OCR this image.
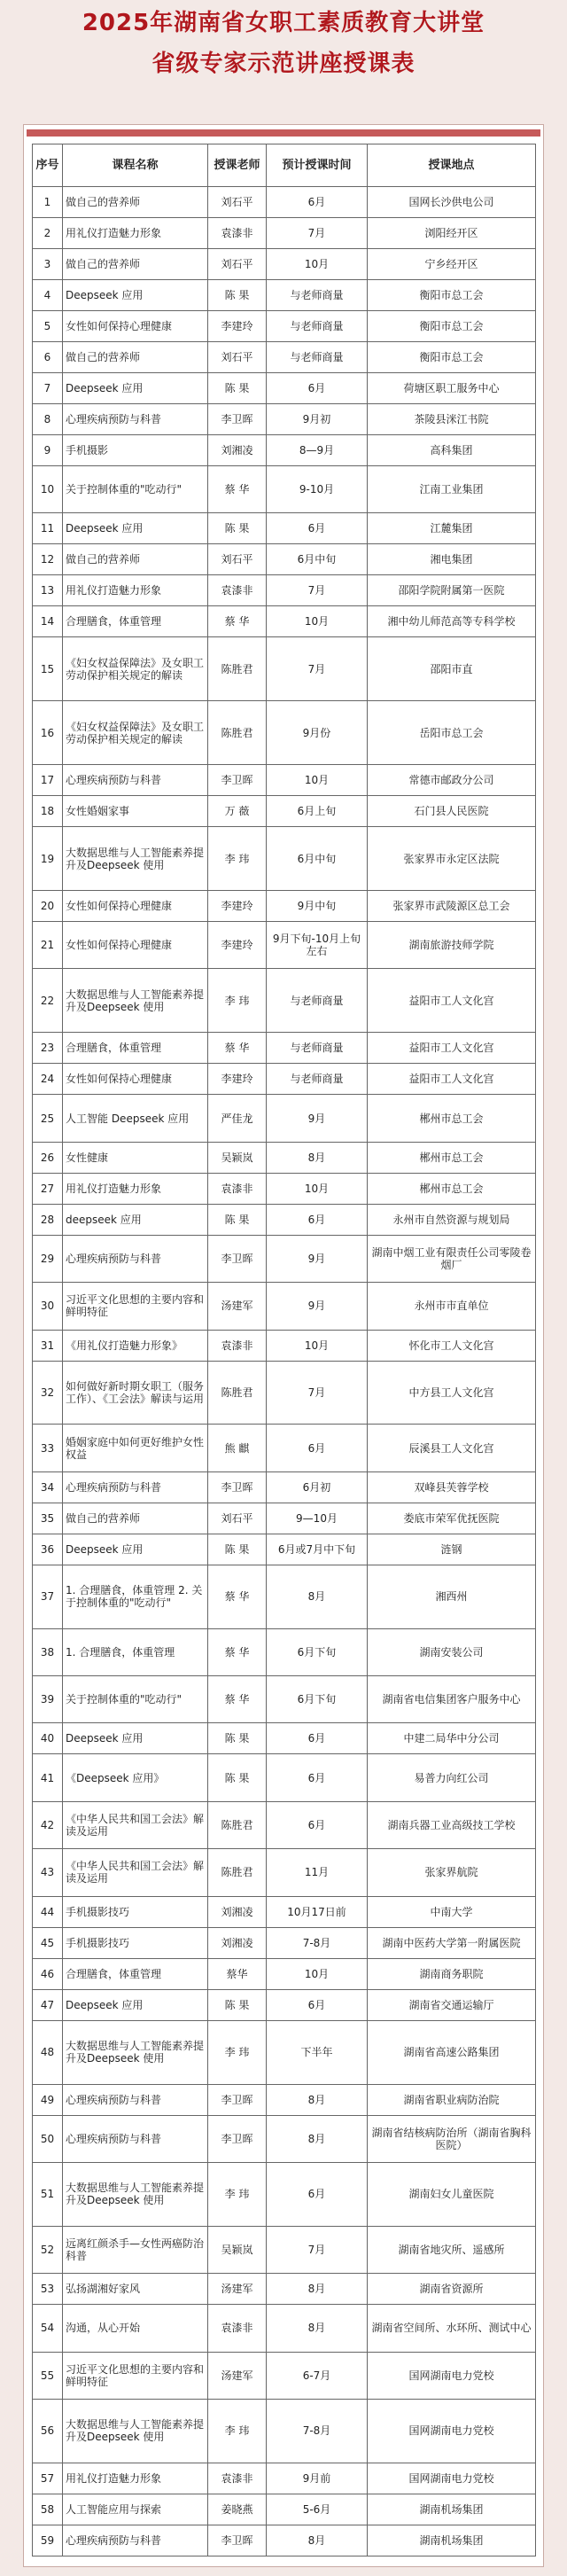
2025年湖南省女职工素质教育大讲堂
省级专家示范讲座授课表
序号	课程名称	授课老师	预计授课时间	授课地点
1	做自己的营养师	刘石平	6月	国网长沙供电公司
2	用礼仪打造魅力形象	袁漆非	7月	浏阳经开区
3	做自己的营养师	刘石平	10月	宁乡经开区
4	Deepseek 应用	陈 果	与老师商量	衡阳市总工会
5	女性如何保持心理健康	李建玲	与老师商量	衡阳市总工会
6	做自己的营养师	刘石平	与老师商量	衡阳市总工会
7	Deepseek 应用	陈 果	6月	荷塘区职工服务中心
8	心理疾病预防与科普	李卫晖	9月初	茶陵县洣江书院
9	手机摄影	刘湘凌	8—9月	高科集团
10	关于控制体重的"吃动行"	蔡 华	9-10月	江南工业集团
11	Deepseek 应用	陈 果	6月	江麓集团
12	做自己的营养师	刘石平	6月中旬	湘电集团
13	用礼仪打造魅力形象	袁漆非	7月	邵阳学院附属第一医院
14	合理膳食，体重管理	蔡 华	10月	湘中幼儿师范高等专科学校
15	《妇女权益保障法》及女职工劳动保护相关规定的解读	陈胜君	7月	邵阳市直
16	《妇女权益保障法》及女职工劳动保护相关规定的解读	陈胜君	9月份	岳阳市总工会
17	心理疾病预防与科普	李卫晖	10月	常德市邮政分公司
18	女性婚姻家事	万 薇	6月上旬	石门县人民医院
19	大数据思维与人工智能素养提升及Deepseek 使用	李 玮	6月中旬	张家界市永定区法院
20	女性如何保持心理健康	李建玲	9月中旬	张家界市武陵源区总工会
21	女性如何保持心理健康	李建玲	9月下旬-10月上旬左右	湖南旅游技师学院
22	大数据思维与人工智能素养提升及Deepseek 使用	李 玮	与老师商量	益阳市工人文化宫
23	合理膳食，体重管理	蔡 华	与老师商量	益阳市工人文化宫
24	女性如何保持心理健康	李建玲	与老师商量	益阳市工人文化宫
25	人工智能 Deepseek 应用	严佳龙	9月	郴州市总工会
26	女性健康	吴颖岚	8月	郴州市总工会
27	用礼仪打造魅力形象	袁漆非	10月	郴州市总工会
28	deepseek 应用	陈 果	6月	永州市自然资源与规划局
29	心理疾病预防与科普	李卫晖	9月	湖南中烟工业有限责任公司零陵卷烟厂
30	习近平文化思想的主要内容和鲜明特征	汤建军	9月	永州市市直单位
31	《用礼仪打造魅力形象》	袁漆非	10月	怀化市工人文化宫
32	如何做好新时期女职工（服务工作）、《工会法》解读与运用	陈胜君	7月	中方县工人文化宫
33	婚姻家庭中如何更好维护女性权益	熊 麒	6月	辰溪县工人文化宫
34	心理疾病预防与科普	李卫晖	6月初	双峰县芙蓉学校
35	做自己的营养师	刘石平	9—10月	娄底市荣军优抚医院
36	Deepseek 应用	陈 果	6月或7月中下旬	涟钢
37	1. 合理膳食，体重管理 2. 关于控制体重的"吃动行"	蔡 华	8月	湘西州
38	1. 合理膳食，体重管理	蔡 华	6月下旬	湖南安装公司
39	关于控制体重的"吃动行"	蔡 华	6月下旬	湖南省电信集团客户服务中心
40	Deepseek 应用	陈 果	6月	中建二局华中分公司
41	《Deepseek 应用》	陈 果	6月	易普力向红公司
42	《中华人民共和国工会法》解读及运用	陈胜君	6月	湖南兵器工业高级技工学校
43	《中华人民共和国工会法》解读及运用	陈胜君	11月	张家界航院
44	手机摄影技巧	刘湘凌	10月17日前	中南大学
45	手机摄影技巧	刘湘凌	7-8月	湖南中医药大学第一附属医院
46	合理膳食，体重管理	蔡华	10月	湖南商务职院
47	Deepseek 应用	陈 果	6月	湖南省交通运输厅
48	大数据思维与人工智能素养提升及Deepseek 使用	李 玮	下半年	湖南省高速公路集团
49	心理疾病预防与科普	李卫晖	8月	湖南省职业病防治院
50	心理疾病预防与科普	李卫晖	8月	湖南省结核病防治所（湖南省胸科医院）
51	大数据思维与人工智能素养提升及Deepseek 使用	李 玮	6月	湖南妇女儿童医院
52	远离红颜杀手—女性两癌防治科普	吴颖岚	7月	湖南省地灾所、遥感所
53	弘扬湖湘好家风	汤建军	8月	湖南省资源所
54	沟通，从心开始	袁漆非	8月	湖南省空间所、水环所、测试中心
55	习近平文化思想的主要内容和鲜明特征	汤建军	6-7月	国网湖南电力党校
56	大数据思维与人工智能素养提升及Deepseek 使用	李 玮	7-8月	国网湖南电力党校
57	用礼仪打造魅力形象	袁漆非	9月前	国网湖南电力党校
58	人工智能应用与探索	姜晓燕	5-6月	湖南机场集团
59	心理疾病预防与科普	李卫晖	8月	湖南机场集团
